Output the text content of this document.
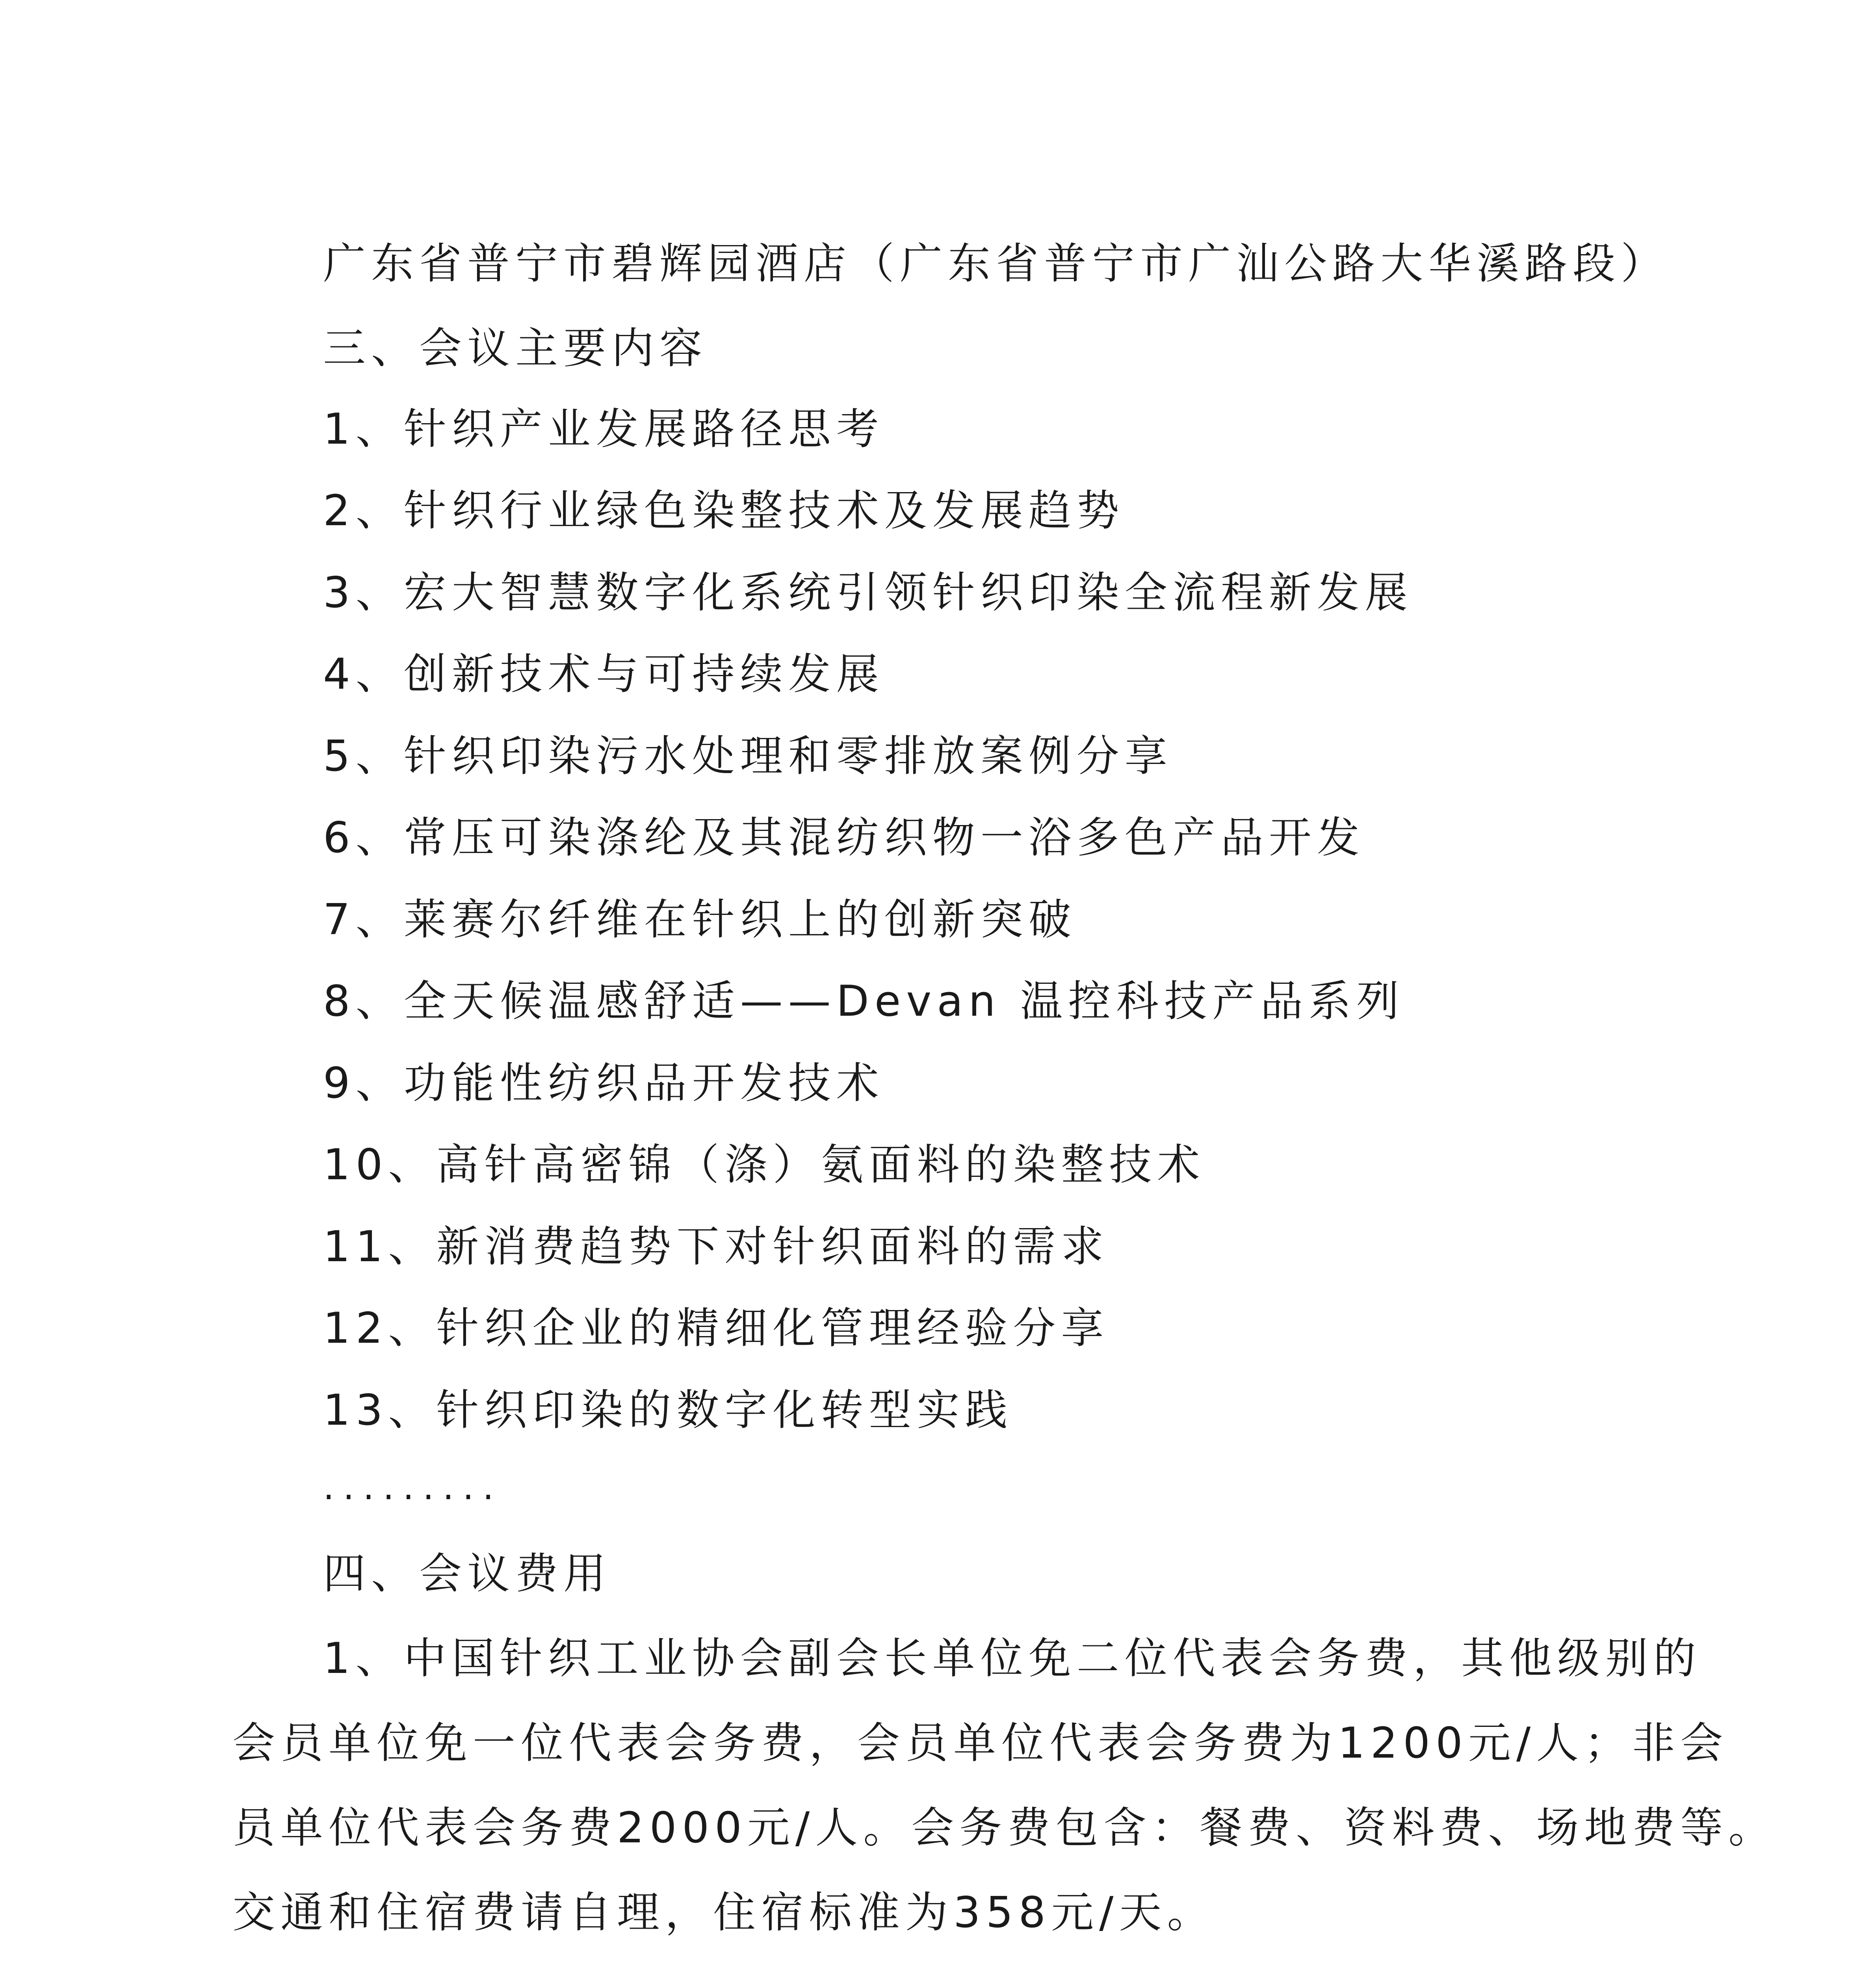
广东省普宁市碧辉园酒店（广东省普宁市广汕公路大华溪路段）
三、会议主要内容
1、针织产业发展路径思考
2、针织行业绿色染整技术及发展趋势
3、宏大智慧数字化系统引领针织印染全流程新发展
4、创新技术与可持续发展
5、针织印染污水处理和零排放案例分享
6、常压可染涤纶及其混纺织物一浴多色产品开发
7、莱赛尔纤维在针织上的创新突破
8、全天候温感舒适——Devan 温控科技产品系列
9、功能性纺织品开发技术
10、高针高密锦（涤）氨面料的染整技术
11、新消费趋势下对针织面料的需求
12、针织企业的精细化管理经验分享
13、针织印染的数字化转型实践
.........
四、会议费用
1、中国针织工业协会副会长单位免二位代表会务费，其他级别的
会员单位免一位代表会务费，会员单位代表会务费为1200元/人；非会
员单位代表会务费2000元/人。会务费包含：餐费、资料费、场地费等。
交通和住宿费请自理，住宿标准为358元/天。
